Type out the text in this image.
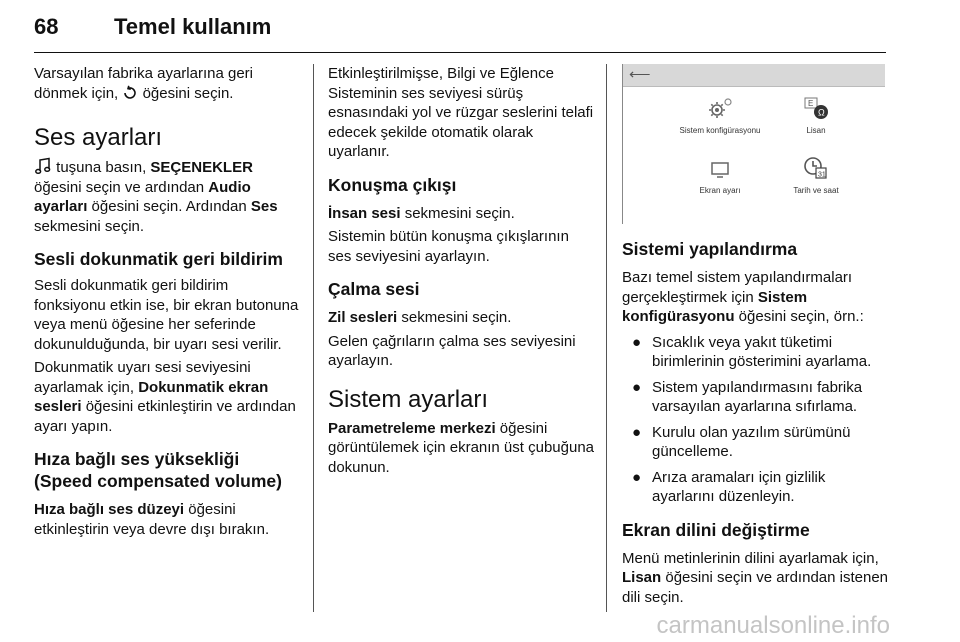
68	Temel kullanım

Varsayılan fabrika ayarlarına geri dönmek için, öğesini seçin.

Ses ayarları

tuşuna basın, SEÇENEKLER öğesini seçin ve ardından Audio ayarları öğesini seçin. Ardından Ses sekmesini seçin.

Sesli dokunmatik geri bildirim

Sesli dokunmatik geri bildirim fonksiyonu etkin ise, bir ekran butonuna veya menü öğesine her seferinde dokunulduğunda, bir uyarı sesi verilir.

Dokunmatik uyarı sesi seviyesini ayarlamak için, Dokunmatik ekran sesleri öğesini etkinleştirin ve ardından ayarı yapın.

Hıza bağlı ses yüksekliği (Speed compensated volume)

Hıza bağlı ses düzeyi öğesini etkinleştirin veya devre dışı bırakın.

Etkinleştirilmişse, Bilgi ve Eğlence Sisteminin ses seviyesi sürüş esnasındaki yol ve rüzgar seslerini telafi edecek şekilde otomatik olarak uyarlanır.

Konuşma çıkışı

İnsan sesi sekmesini seçin.

Sistemin bütün konuşma çıkışlarının ses seviyesini ayarlayın.

Çalma sesi

Zil sesleri sekmesini seçin.

Gelen çağrıların çalma ses seviyesini ayarlayın.

Sistem ayarları

Parametreleme merkezi öğesini görüntülemek için ekranın üst çubuğuna dokunun.

⟵
Sistem konfigürasyonu
E
Ω
Lisan
Ekran ayarı
31
Tarih ve saat
Sistemi yapılandırma

Bazı temel sistem yapılandırmaları gerçekleştirmek için Sistem konfigürasyonu öğesini seçin, örn.:

● Sıcaklık veya yakıt tüketimi birimlerinin gösterimini ayarlama.
● Sistem yapılandırmasını fabrika varsayılan ayarlarına sıfırlama.
● Kurulu olan yazılım sürümünü güncelleme.
● Arıza aramaları için gizlilik ayarlarını düzenleyin.
Ekran dilini değiştirme

Menü metinlerinin dilini ayarlamak için, Lisan öğesini seçin ve ardından istenen dili seçin.

carmanualsonline.info
